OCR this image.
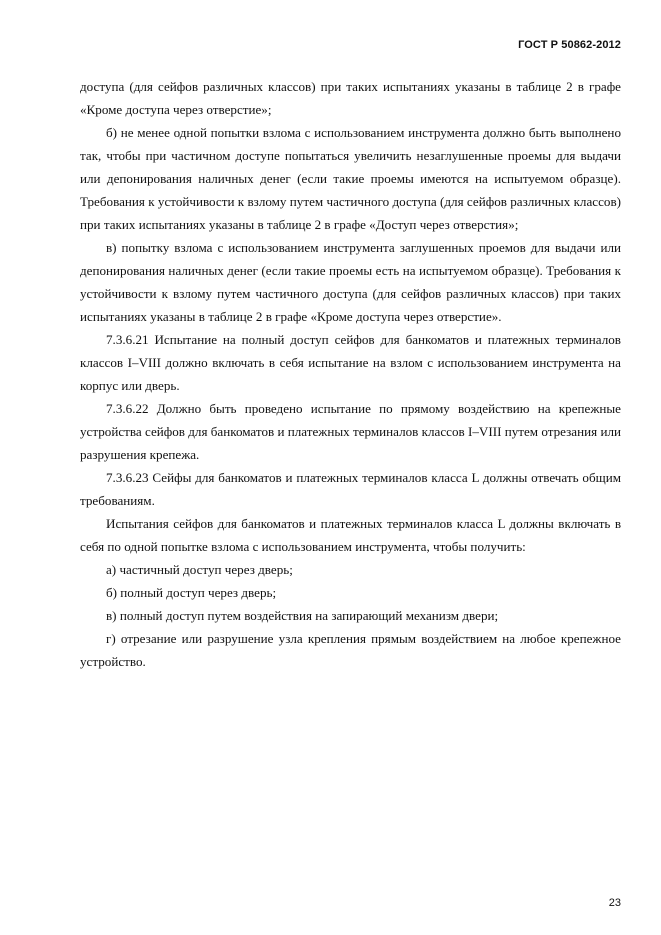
ГОСТ Р 50862-2012

доступа (для сейфов различных классов) при таких испытаниях указаны в таблице 2 в графе «Кроме доступа через отверстие»;

б) не менее одной попытки взлома с использованием инструмента должно быть выполнено так, чтобы при частичном доступе попытаться увеличить незаглушенные проемы для выдачи или депонирования наличных денег (если такие проемы имеются на испытуемом образце). Требования к устойчивости к взлому путем частичного доступа (для сейфов различных классов) при таких испытаниях указаны в таблице 2 в графе «Доступ через отверстия»;

в) попытку взлома с использованием инструмента заглушенных проемов для выдачи или депонирования наличных денег (если такие проемы есть на испытуемом образце). Требования к устойчивости к взлому путем частичного доступа (для сейфов различных классов) при таких испытаниях указаны в таблице 2 в графе «Кроме доступа через отверстие».

7.3.6.21 Испытание на полный доступ сейфов для банкоматов и платежных терминалов классов I–VIII должно включать в себя испытание на взлом с использованием инструмента на корпус или дверь.

7.3.6.22 Должно быть проведено испытание по прямому воздействию на крепежные устройства сейфов для банкоматов и платежных терминалов классов I–VIII путем отрезания или разрушения крепежа.

7.3.6.23 Сейфы для банкоматов и платежных терминалов класса L должны отвечать общим требованиям.

Испытания сейфов для банкоматов и платежных терминалов класса L должны включать в себя по одной попытке взлома с использованием инструмента, чтобы получить:

а) частичный доступ через дверь;

б) полный доступ через дверь;

в) полный доступ путем воздействия на запирающий механизм двери;

г) отрезание или разрушение узла крепления прямым воздействием на любое крепежное устройство.

23
